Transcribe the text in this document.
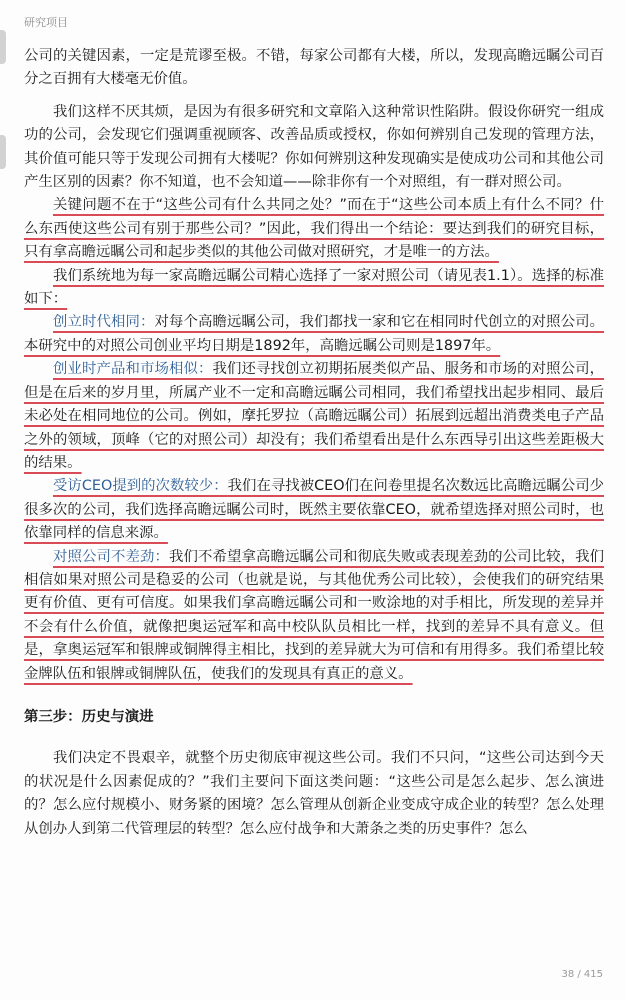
研究项目

公司的关键因素，一定是荒谬至极。不错，每家公司都有大楼，所以，发现高瞻远瞩公司百分之百拥有大楼毫无价值。

我们这样不厌其烦，是因为有很多研究和文章陷入这种常识性陷阱。假设你研究一组成功的公司，会发现它们强调重视顾客、改善品质或授权，你如何辨别自己发现的管理方法，其价值可能只等于发现公司拥有大楼呢？你如何辨别这种发现确实是使成功公司和其他公司产生区别的因素？你不知道，也不会知道——除非你有一个对照组，有一群对照公司。

关键问题不在于“这些公司有什么共同之处？”而在于“这些公司本质上有什么不同？什么东西使这些公司有别于那些公司？”因此，我们得出一个结论：要达到我们的研究目标，只有拿高瞻远瞩公司和起步类似的其他公司做对照研究，才是唯一的方法。

我们系统地为每一家高瞻远瞩公司精心选择了一家对照公司（请见表1.1）。选择的标准如下：

创立时代相同：对每个高瞻远瞩公司，我们都找一家和它在相同时代创立的对照公司。本研究中的对照公司创业平均日期是1892年，高瞻远瞩公司则是1897年。

创业时产品和市场相似：我们还寻找创立初期拓展类似产品、服务和市场的对照公司，但是在后来的岁月里，所属产业不一定和高瞻远瞩公司相同，我们希望找出起步相同、最后未必处在相同地位的公司。例如，摩托罗拉（高瞻远瞩公司）拓展到远超出消费类电子产品之外的领域，顶峰（它的对照公司）却没有；我们希望看出是什么东西导引出这些差距极大的结果。

受访CEO提到的次数较少：我们在寻找被CEO们在问卷里提名次数远比高瞻远瞩公司少很多次的公司，我们选择高瞻远瞩公司时，既然主要依靠CEO，就希望选择对照公司时，也依靠同样的信息来源。

对照公司不差劲：我们不希望拿高瞻远瞩公司和彻底失败或表现差劲的公司比较，我们相信如果对照公司是稳妥的公司（也就是说，与其他优秀公司比较），会使我们的研究结果更有价值、更有可信度。如果我们拿高瞻远瞩公司和一败涂地的对手相比，所发现的差异并不会有什么价值，就像把奥运冠军和高中校队队员相比一样，找到的差异不具有意义。但是，拿奥运冠军和银牌或铜牌得主相比，找到的差异就大为可信和有用得多。我们希望比较金牌队伍和银牌或铜牌队伍，使我们的发现具有真正的意义。

第三步：历史与演进

我们决定不畏艰辛，就整个历史彻底审视这些公司。我们不只问，“这些公司达到今天的状况是什么因素促成的？”我们主要问下面这类问题：“这些公司是怎么起步、怎么演进的？怎么应付规模小、财务紧的困境？怎么管理从创新企业变成守成企业的转型？怎么处理从创办人到第二代管理层的转型？怎么应付战争和大萧条之类的历史事件？怎么

38 / 415
